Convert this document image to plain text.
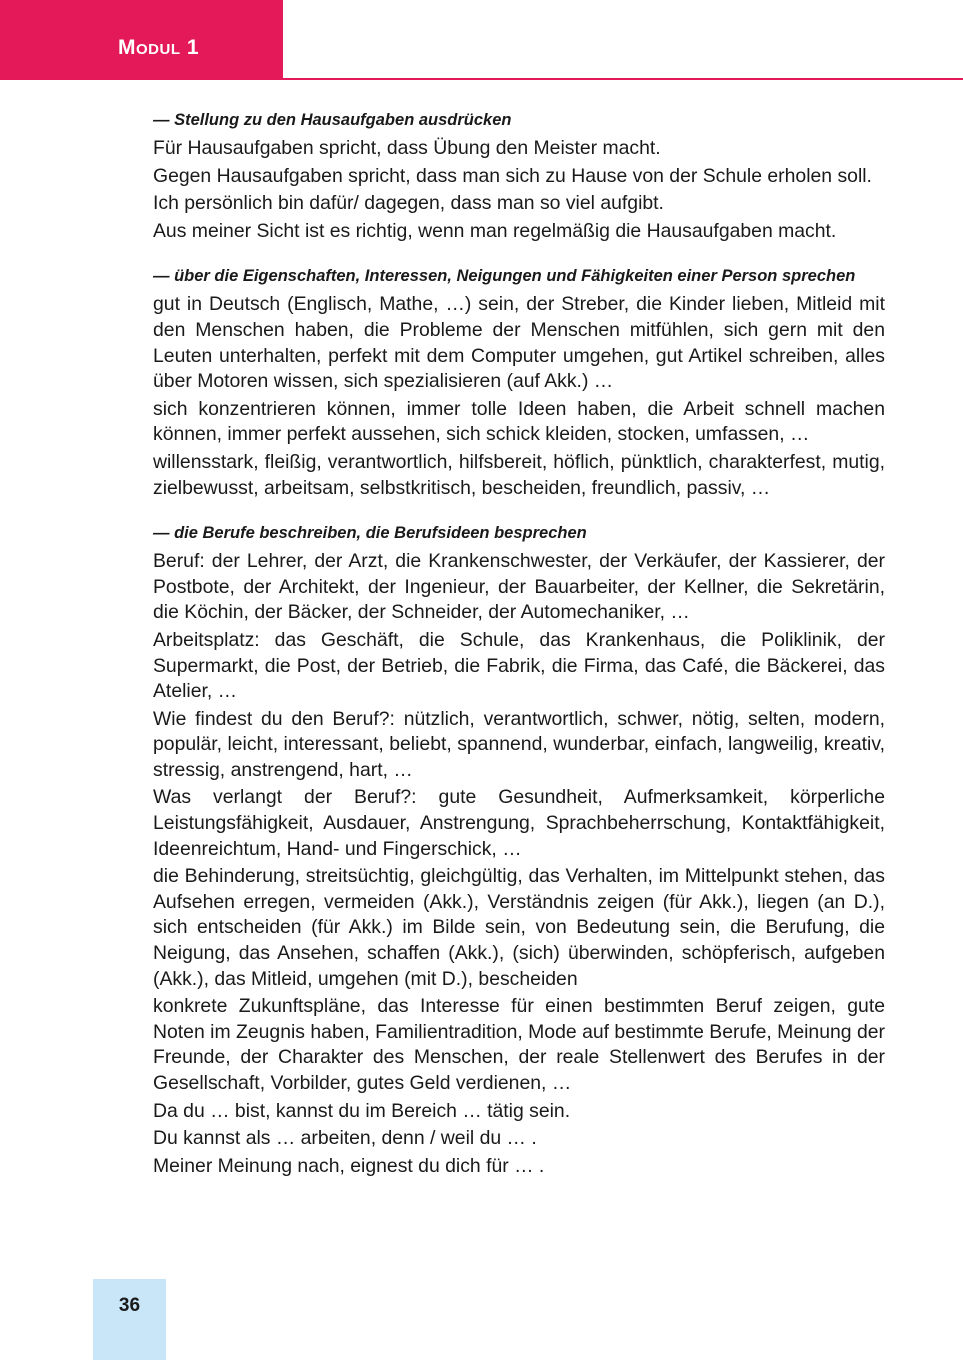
Modul 1

— Stellung zu den Hausaufgaben ausdrücken

Für Hausaufgaben spricht, dass Übung den Meister macht.

Gegen Hausaufgaben spricht, dass man sich zu Hause von der Schule erholen soll.

Ich persönlich bin dafür/ dagegen, dass man so viel aufgibt.

Aus meiner Sicht ist es richtig, wenn man regelmäßig die Hausaufgaben macht.

— über die Eigenschaften, Interessen, Neigungen und Fähigkeiten einer Person sprechen

gut in Deutsch (Englisch, Mathe, …) sein, der Streber, die Kinder lieben, Mitleid mit den Menschen haben, die Probleme der Menschen mitfühlen, sich gern mit den Leuten unterhalten, perfekt mit dem Computer umgehen, gut Artikel schreiben, alles über Motoren wissen, sich spezialisieren (auf Akk.) …

sich konzentrieren können, immer tolle Ideen haben, die Arbeit schnell machen können, immer perfekt aussehen, sich schick kleiden, stocken, umfassen, …

willensstark, fleißig, verantwortlich, hilfsbereit, höflich, pünktlich, charakterfest, mutig, zielbewusst, arbeitsam, selbstkritisch, bescheiden, freundlich, passiv, …

— die Berufe beschreiben, die Berufsideen besprechen

Beruf: der Lehrer, der Arzt, die Krankenschwester, der Verkäufer, der Kassierer, der Postbote, der Architekt, der Ingenieur, der Bauarbeiter, der Kellner, die Sekretärin, die Köchin, der Bäcker, der Schneider, der Automechaniker, …

Arbeitsplatz: das Geschäft, die Schule, das Krankenhaus, die Poliklinik, der Supermarkt, die Post, der Betrieb, die Fabrik, die Firma, das Café, die Bäckerei, das Atelier, …

Wie findest du den Beruf?: nützlich, verantwortlich, schwer, nötig, selten, modern, populär, leicht, interessant, beliebt, spannend, wunderbar, einfach, langweilig, kreativ, stressig, anstrengend, hart, …

Was verlangt der Beruf?: gute Gesundheit, Aufmerksamkeit, körperliche Leistungsfähigkeit, Ausdauer, Anstrengung, Sprachbeherrschung, Kontaktfähigkeit, Ideenreichtum, Hand- und Fingerschick, …

die Behinderung, streitsüchtig, gleichgültig, das Verhalten, im Mittelpunkt stehen, das Aufsehen erregen, vermeiden (Akk.), Verständnis zeigen (für Akk.), liegen (an D.), sich entscheiden (für Akk.) im Bilde sein, von Bedeutung sein, die Berufung, die Neigung, das Ansehen, schaffen (Akk.), (sich) überwinden, schöpferisch, aufgeben (Akk.), das Mitleid, umgehen (mit D.), bescheiden

konkrete Zukunftspläne, das Interesse für einen bestimmten Beruf zeigen, gute Noten im Zeugnis haben, Familientradition, Mode auf bestimmte Berufe, Meinung der Freunde, der Charakter des Menschen, der reale Stellenwert des Berufes in der Gesellschaft, Vorbilder, gutes Geld verdienen, …

Da du … bist, kannst du im Bereich … tätig sein.

Du kannst als … arbeiten, denn / weil du … .

Meiner Meinung nach, eignest du dich für … .

36
